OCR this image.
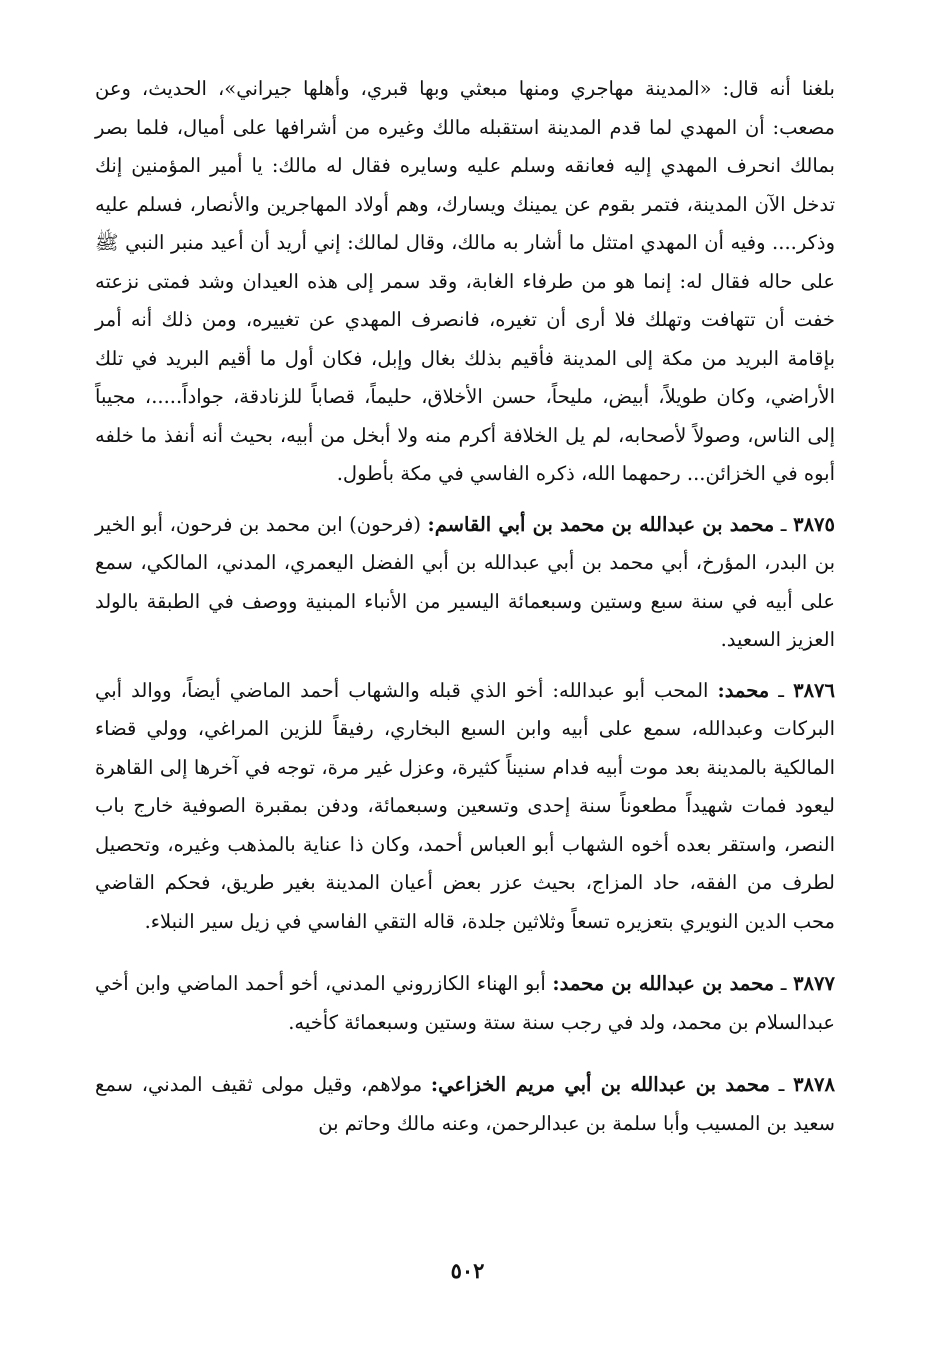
بلغنا أنه قال: «المدينة مهاجري ومنها مبعثي وبها قبري، وأهلها جيراني»، الحديث، وعن مصعب: أن المهدي لما قدم المدينة استقبله مالك وغيره من أشرافها على أميال، فلما بصر بمالك انحرف المهدي إليه فعانقه وسلم عليه وسايره فقال له مالك: يا أمير المؤمنين إنك تدخل الآن المدينة، فتمر بقوم عن يمينك ويسارك، وهم أولاد المهاجرين والأنصار، فسلم عليه وذكر.... وفيه أن المهدي امتثل ما أشار به مالك، وقال لمالك: إني أريد أن أعيد منبر النبي ﷺ على حاله فقال له: إنما هو من طرفاء الغابة، وقد سمر إلى هذه العيدان وشد فمتى نزعته خفت أن تتهافت وتهلك فلا أرى أن تغيره، فانصرف المهدي عن تغييره، ومن ذلك أنه أمر بإقامة البريد من مكة إلى المدينة فأقيم بذلك بغال وإبل، فكان أول ما أقيم البريد في تلك الأراضي، وكان طويلاً، أبيض، مليحاً، حسن الأخلاق، حليماً، قصاباً للزنادقة، جواداً.....، مجيباً إلى الناس، وصولاً لأصحابه، لم يل الخلافة أكرم منه ولا أبخل من أبيه، بحيث أنه أنفذ ما خلفه أبوه في الخزائن... رحمهما الله، ذكره الفاسي في مكة بأطول.

٣٨٧٥ ـ محمد بن عبدالله بن محمد بن أبي القاسم: (فرحون) ابن محمد بن فرحون، أبو الخير بن البدر، المؤرخ، أبي محمد بن أبي عبدالله بن أبي الفضل اليعمري، المدني، المالكي، سمع على أبيه في سنة سبع وستين وسبعمائة اليسير من الأنباء المبنية ووصف في الطبقة بالولد العزيز السعيد.

٣٨٧٦ ـ محمد: المحب أبو عبدالله: أخو الذي قبله والشهاب أحمد الماضي أيضاً، ووالد أبي البركات وعبدالله، سمع على أبيه وابن السبع البخاري، رفيقاً للزين المراغي، وولي قضاء المالكية بالمدينة بعد موت أبيه فدام سنيناً كثيرة، وعزل غير مرة، توجه في آخرها إلى القاهرة ليعود فمات شهيداً مطعوناً سنة إحدى وتسعين وسبعمائة، ودفن بمقبرة الصوفية خارج باب النصر، واستقر بعده أخوه الشهاب أبو العباس أحمد، وكان ذا عناية بالمذهب وغيره، وتحصيل لطرف من الفقه، حاد المزاج، بحيث عزر بعض أعيان المدينة بغير طريق، فحكم القاضي محب الدين النويري بتعزيره تسعاً وثلاثين جلدة، قاله التقي الفاسي في زيل سير النبلاء.

٣٨٧٧ ـ محمد بن عبدالله بن محمد: أبو الهناء الكازروني المدني، أخو أحمد الماضي وابن أخي عبدالسلام بن محمد، ولد في رجب سنة ستة وستين وسبعمائة كأخيه.

٣٨٧٨ ـ محمد بن عبدالله بن أبي مريم الخزاعي: مولاهم، وقيل مولى ثقيف المدني، سمع سعيد بن المسيب وأبا سلمة بن عبدالرحمن، وعنه مالك وحاتم بن

٥٠٢
